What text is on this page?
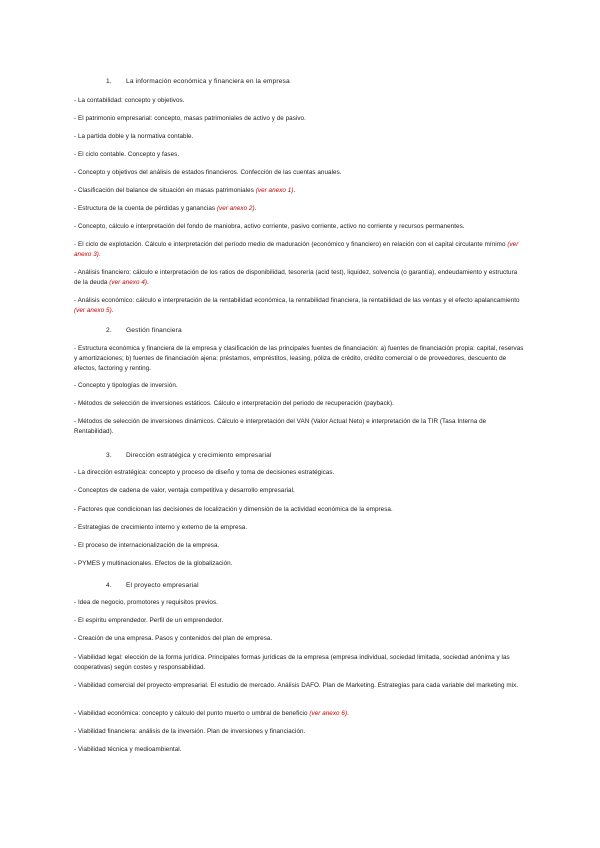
1. La información económica y financiera en la empresa
- La contabilidad: concepto y objetivos.
- El patrimonio empresarial: concepto, masas patrimoniales de activo y de pasivo.
- La partida doble y la normativa contable.
- El ciclo contable. Concepto y fases.
- Concepto y objetivos del análisis de estados financieros. Confección de las cuentas anuales.
- Clasificación del balance de situación en masas patrimoniales (ver anexo 1).
- Estructura de la cuenta de pérdidas y ganancias (ver anexo 2).
- Concepto, cálculo e interpretación del fondo de maniobra, activo corriente, pasivo corriente, activo no corriente y recursos permanentes.
- El ciclo de explotación. Cálculo e interpretación del período medio de maduración (económico y financiero) en relación con el capital circulante mínimo (ver anexo 3).
- Análisis financiero: cálculo e interpretación de los ratios de disponibilidad, tesorería (acid test), liquidez, solvencia (o garantía), endeudamiento y estructura de la deuda (ver anexo 4).
- Análisis económico: cálculo e interpretación de la rentabilidad económica, la rentabilidad financiera, la rentabilidad de las ventas y el efecto apalancamiento (ver anexo 5).
2. Gestión financiera
- Estructura económica y financiera de la empresa y clasificación de las principales fuentes de financiación: a) fuentes de financiación propia: capital, reservas y amortizaciones; b) fuentes de financiación ajena: préstamos, empréstitos, leasing, póliza de crédito, crédito comercial o de proveedores, descuento de efectos, factoring y renting.
- Concepto y tipologías de inversión.
- Métodos de selección de inversiones estáticos. Cálculo e interpretación del periodo de recuperación (payback).
- Métodos de selección de inversiones dinámicos. Cálculo e interpretación del VAN (Valor Actual Neto) e interpretación de la TIR (Tasa Interna de Rentabilidad).
3. Dirección estratégica y crecimiento empresarial
- La dirección estratégica: concepto y proceso de diseño y toma de decisiones estratégicas.
- Conceptos de cadena de valor, ventaja competitiva y desarrollo empresarial.
- Factores que condicionan las decisiones de localización y dimensión de la actividad económica de la empresa.
- Estrategias de crecimiento interno y externo de la empresa.
- El proceso de internacionalización de la empresa.
- PYMES y multinacionales. Efectos de la globalización.
4. El proyecto empresarial
- Idea de negocio, promotores y requisitos previos.
- El espíritu emprendedor. Perfil de un emprendedor.
- Creación de una empresa. Pasos y contenidos del plan de empresa.
- Viabilidad legal: elección de la forma jurídica. Principales formas jurídicas de la empresa (empresa individual, sociedad limitada, sociedad anónima y las cooperativas) según costes y responsabilidad.
- Viabilidad comercial del proyecto empresarial. El estudio de mercado. Análisis DAFO. Plan de Marketing. Estrategias para cada variable del marketing mix.
- Viabilidad económica: concepto y cálculo del punto muerto o umbral de beneficio (ver anexo 6).
- Viabilidad financiera: análisis de la inversión. Plan de inversiones y financiación.
- Viabilidad técnica y medioambiental.
